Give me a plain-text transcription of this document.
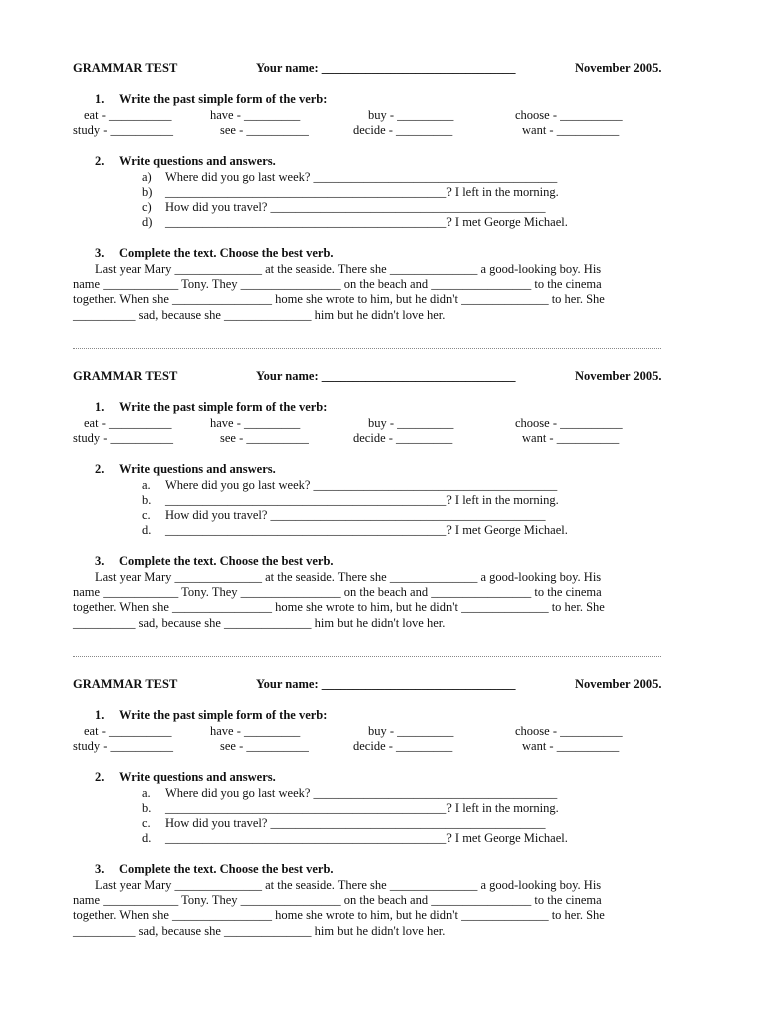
GRAMMAR TEST	Your name: _______________________________	November 2005.
1. Write the past simple form of the verb:
eat - __________	have - _________	buy - _________	choose - __________
study - __________	see - __________	decide - _________	want - __________
2. Write questions and answers.
a) Where did you go last week? _______________________________________
b) _____________________________________________? I left in the morning.
c) How did you travel? ____________________________________________
d) _____________________________________________? I met George Michael.
3. Complete the text. Choose the best verb.
Last year Mary ______________ at the seaside. There she ______________ a good-looking boy. His
name ____________ Tony. They ________________ on the beach and ________________ to the cinema
together. When she ________________ home she wrote to him, but he didn't ______________ to her. She
__________ sad, because she ______________ him but he didn't love her.
GRAMMAR TEST	Your name: _______________________________	November 2005.
1. Write the past simple form of the verb:
eat - __________	have - _________	buy - _________	choose - __________
study - __________	see - __________	decide - _________	want - __________
2. Write questions and answers.
a. Where did you go last week? _______________________________________
b. _____________________________________________? I left in the morning.
c. How did you travel? ____________________________________________
d. _____________________________________________? I met George Michael.
3. Complete the text. Choose the best verb.
Last year Mary ______________ at the seaside. There she ______________ a good-looking boy. His
name ____________ Tony. They ________________ on the beach and ________________ to the cinema
together. When she ________________ home she wrote to him, but he didn't ______________ to her. She
__________ sad, because she ______________ him but he didn't love her.
GRAMMAR TEST	Your name: _______________________________	November 2005.
1. Write the past simple form of the verb:
eat - __________	have - _________	buy - _________	choose - __________
study - __________	see - __________	decide - _________	want - __________
2. Write questions and answers.
a. Where did you go last week? _______________________________________
b. _____________________________________________? I left in the morning.
c. How did you travel? ____________________________________________
d. _____________________________________________? I met George Michael.
3. Complete the text. Choose the best verb.
Last year Mary ______________ at the seaside. There she ______________ a good-looking boy. His
name ____________ Tony. They ________________ on the beach and ________________ to the cinema
together. When she ________________ home she wrote to him, but he didn't ______________ to her. She
__________ sad, because she ______________ him but he didn't love her.
